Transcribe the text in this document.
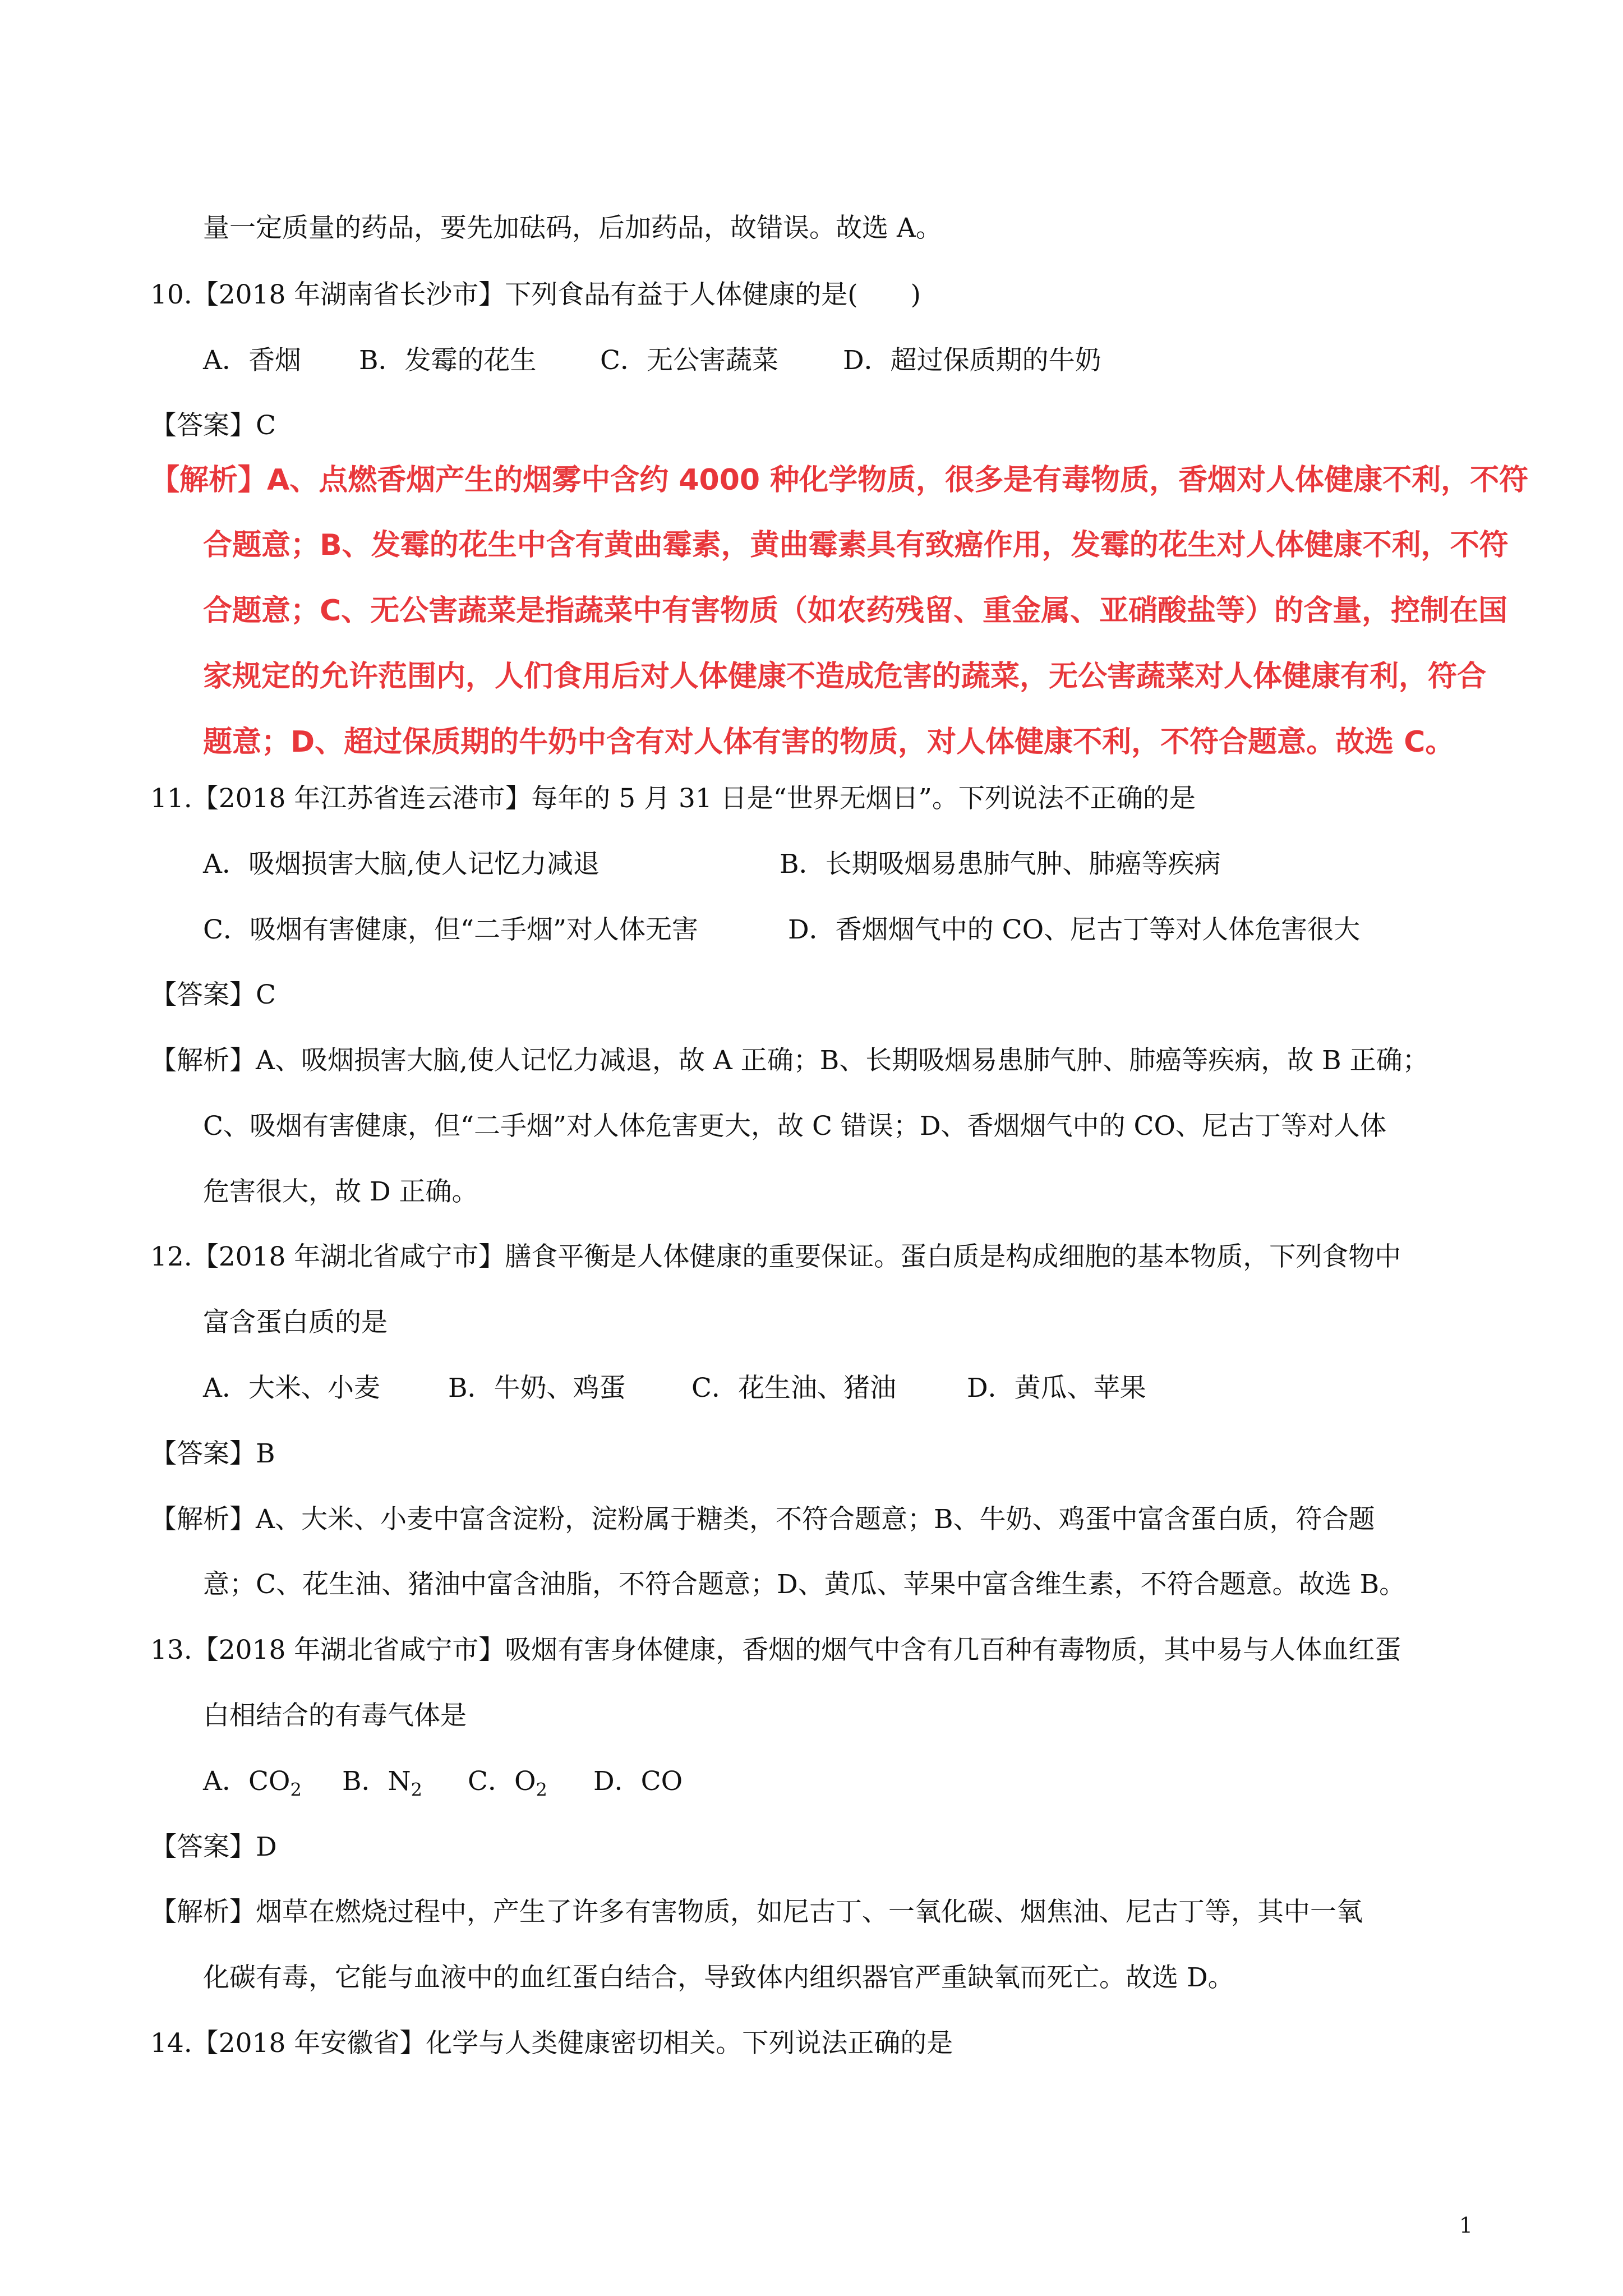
量一定质量的药品，要先加砝码，后加药品，故错误。故选 A。
10.【2018 年湖南省长沙市】下列食品有益于人体健康的是(　　)
A．香烟 B．发霉的花生 C．无公害蔬菜 D．超过保质期的牛奶
【答案】C
【解析】A、点燃香烟产生的烟雾中含约 4000 种化学物质，很多是有毒物质，香烟对人体健康不利，不符
合题意；B、发霉的花生中含有黄曲霉素，黄曲霉素具有致癌作用，发霉的花生对人体健康不利，不符
合题意；C、无公害蔬菜是指蔬菜中有害物质（如农药残留、重金属、亚硝酸盐等）的含量，控制在国
家规定的允许范围内，人们食用后对人体健康不造成危害的蔬菜，无公害蔬菜对人体健康有利，符合
题意；D、超过保质期的牛奶中含有对人体有害的物质，对人体健康不利，不符合题意。故选 C。
11.【2018 年江苏省连云港市】每年的 5 月 31 日是“世界无烟日”。下列说法不正确的是
A．吸烟损害大脑,使人记忆力减退	B．长期吸烟易患肺气肿、肺癌等疾病
C．吸烟有害健康，但“二手烟”对人体无害	D．香烟烟气中的 CO、尼古丁等对人体危害很大
【答案】C
【解析】A、吸烟损害大脑,使人记忆力减退，故 A 正确；B、长期吸烟易患肺气肿、肺癌等疾病，故 B 正确；
C、吸烟有害健康，但“二手烟”对人体危害更大，故 C 错误；D、香烟烟气中的 CO、尼古丁等对人体
危害很大，故 D 正确。
12.【2018 年湖北省咸宁市】膳食平衡是人体健康的重要保证。蛋白质是构成细胞的基本物质，下列食物中
富含蛋白质的是
A．大米、小麦	B．牛奶、鸡蛋 C．花生油、猪油	D．黄瓜、苹果
【答案】B
【解析】A、大米、小麦中富含淀粉，淀粉属于糖类，不符合题意；B、牛奶、鸡蛋中富含蛋白质，符合题
意；C、花生油、猪油中富含油脂，不符合题意；D、黄瓜、苹果中富含维生素，不符合题意。故选 B。
13.【2018 年湖北省咸宁市】吸烟有害身体健康，香烟的烟气中含有几百种有毒物质，其中易与人体血红蛋
白相结合的有毒气体是
A．$CO_2$ B．$N_2$ C．$O_2$ D．CO
【答案】D
【解析】烟草在燃烧过程中，产生了许多有害物质，如尼古丁、一氧化碳、烟焦油、尼古丁等，其中一氧
化碳有毒，它能与血液中的血红蛋白结合，导致体内组织器官严重缺氧而死亡。故选 D。
14.【2018 年安徽省】化学与人类健康密切相关。下列说法正确的是
1
